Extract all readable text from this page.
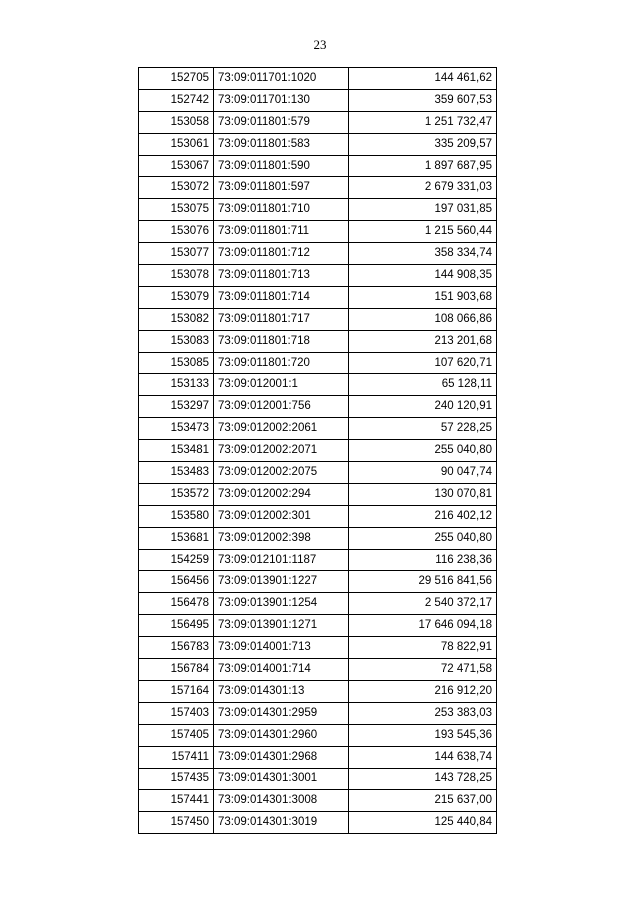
23
152705	73:09:011701:1020	144 461,62
152742	73:09:011701:130	359 607,53
153058	73:09:011801:579	1 251 732,47
153061	73:09:011801:583	335 209,57
153067	73:09:011801:590	1 897 687,95
153072	73:09:011801:597	2 679 331,03
153075	73:09:011801:710	197 031,85
153076	73:09:011801:711	1 215 560,44
153077	73:09:011801:712	358 334,74
153078	73:09:011801:713	144 908,35
153079	73:09:011801:714	151 903,68
153082	73:09:011801:717	108 066,86
153083	73:09:011801:718	213 201,68
153085	73:09:011801:720	107 620,71
153133	73:09:012001:1	65 128,11
153297	73:09:012001:756	240 120,91
153473	73:09:012002:2061	57 228,25
153481	73:09:012002:2071	255 040,80
153483	73:09:012002:2075	90 047,74
153572	73:09:012002:294	130 070,81
153580	73:09:012002:301	216 402,12
153681	73:09:012002:398	255 040,80
154259	73:09:012101:1187	116 238,36
156456	73:09:013901:1227	29 516 841,56
156478	73:09:013901:1254	2 540 372,17
156495	73:09:013901:1271	17 646 094,18
156783	73:09:014001:713	78 822,91
156784	73:09:014001:714	72 471,58
157164	73:09:014301:13	216 912,20
157403	73:09:014301:2959	253 383,03
157405	73:09:014301:2960	193 545,36
157411	73:09:014301:2968	144 638,74
157435	73:09:014301:3001	143 728,25
157441	73:09:014301:3008	215 637,00
157450	73:09:014301:3019	125 440,84
